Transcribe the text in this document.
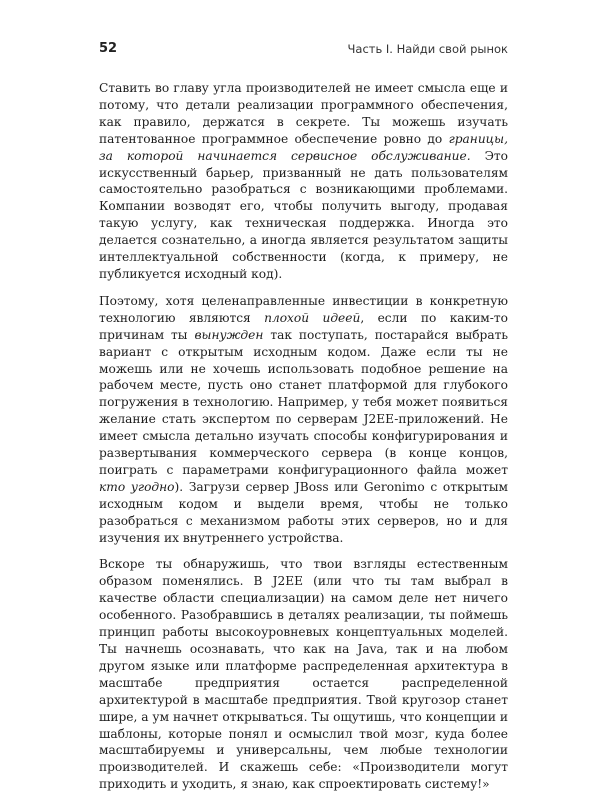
52	Часть I. Найди свой рынок

Ставить во главу угла производителей не имеет смысла еще и потому, что детали реализации программного обеспечения, как правило, держатся в секрете. Ты можешь изучать патентованное программное обеспечение ровно до границы, за которой начинается сервисное обслуживание. Это искусственный барьер, призванный не дать пользователям самостоятельно разобраться с возникающими проблемами. Компании возводят его, чтобы получить выгоду, продавая такую услугу, как техническая поддержка. Иногда это делается сознательно, а иногда является результатом защиты интеллектуальной собственности (когда, к примеру, не публикуется исходный код).

Поэтому, хотя целенаправленные инвестиции в конкретную технологию являются плохой идеей, если по каким-то причинам ты вынужден так поступать, постарайся выбрать вариант с открытым исходным кодом. Даже если ты не можешь или не хочешь использовать подобное решение на рабочем месте, пусть оно станет платформой для глубокого погружения в технологию. Например, у тебя может появиться желание стать экспертом по серверам J2EE-приложений. Не имеет смысла детально изучать способы конфигурирования и развертывания коммерческого сервера (в конце концов, поиграть с параметрами конфигурационного файла может кто угодно). Загрузи сервер JBoss или Geronimo с открытым исходным кодом и выдели время, чтобы не только разобраться с механизмом работы этих серверов, но и для изучения их внутреннего устройства.

Вскоре ты обнаружишь, что твои взгляды естественным образом поменялись. В J2EE (или что ты там выбрал в качестве области специализации) на самом деле нет ничего особенного. Разобравшись в деталях реализации, ты поймешь принцип работы высокоуровневых концептуальных моделей. Ты начнешь осознавать, что как на Java, так и на любом другом языке или платформе распределенная архитектура в масштабе предприятия остается распределенной архитектурой в масштабе предприятия. Твой кругозор станет шире, а ум начнет открываться. Ты ощутишь, что концепции и шаблоны, которые понял и осмыслил твой мозг, куда более масштабируемы и универсальны, чем любые технологии производителей. И скажешь себе: «Производители могут приходить и уходить, я знаю, как спроектировать систему!»
